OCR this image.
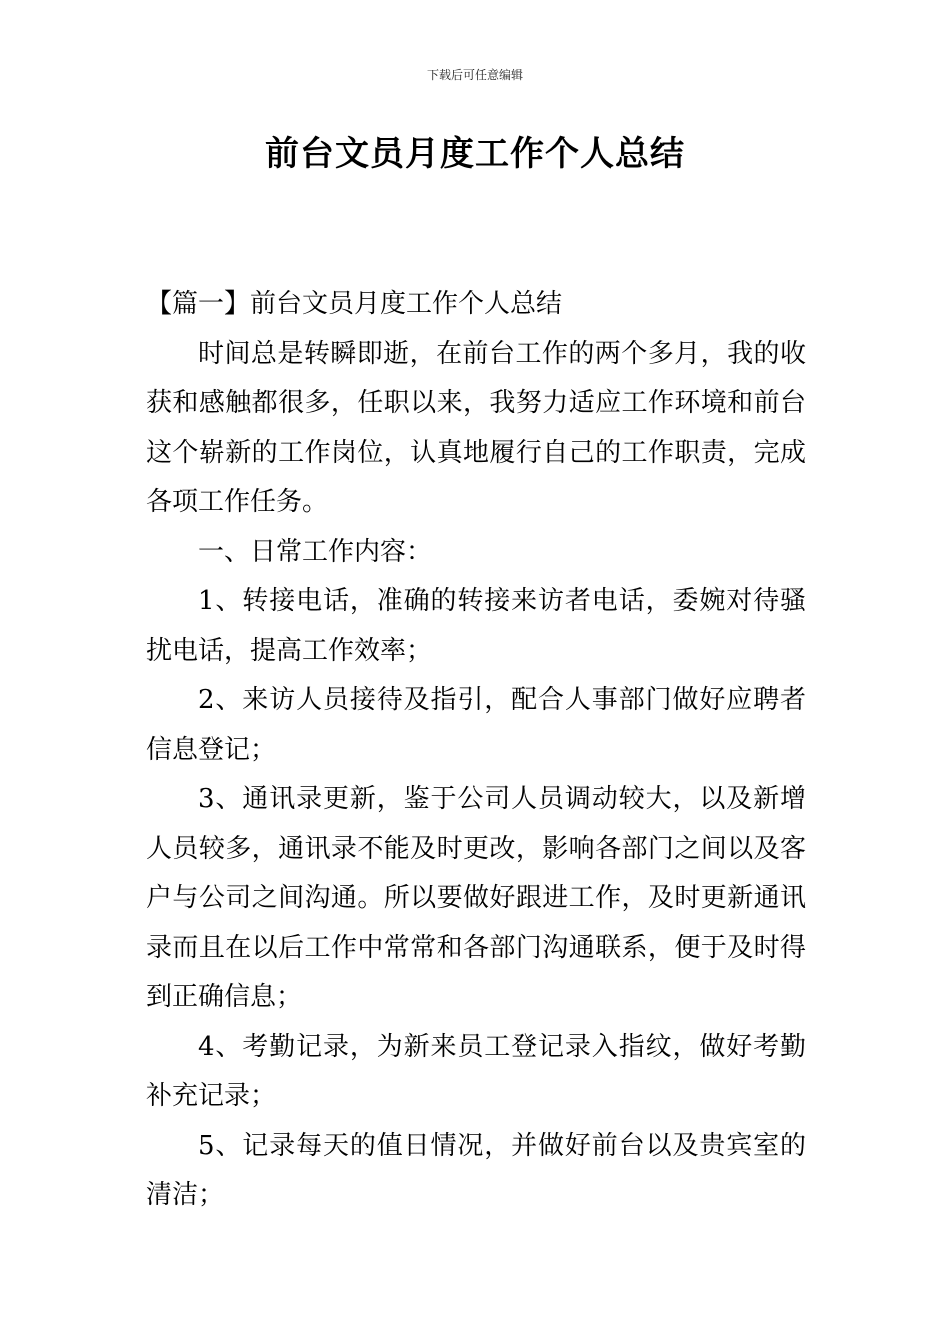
下载后可任意编辑
前台文员月度工作个人总结

【篇一】前台文员月度工作个人总结

时间总是转瞬即逝，在前台工作的两个多月，我的收获和感触都很多，任职以来，我努力适应工作环境和前台这个崭新的工作岗位，认真地履行自己的工作职责，完成各项工作任务。

一、日常工作内容：

1、转接电话，准确的转接来访者电话，委婉对待骚扰电话，提高工作效率；

2、来访人员接待及指引，配合人事部门做好应聘者信息登记；

3、通讯录更新，鉴于公司人员调动较大，以及新增人员较多，通讯录不能及时更改，影响各部门之间以及客户与公司之间沟通。所以要做好跟进工作，及时更新通讯录而且在以后工作中常常和各部门沟通联系，便于及时得到正确信息；

4、考勤记录，为新来员工登记录入指纹，做好考勤补充记录；

5、记录每天的值日情况，并做好前台以及贵宾室的清洁；
